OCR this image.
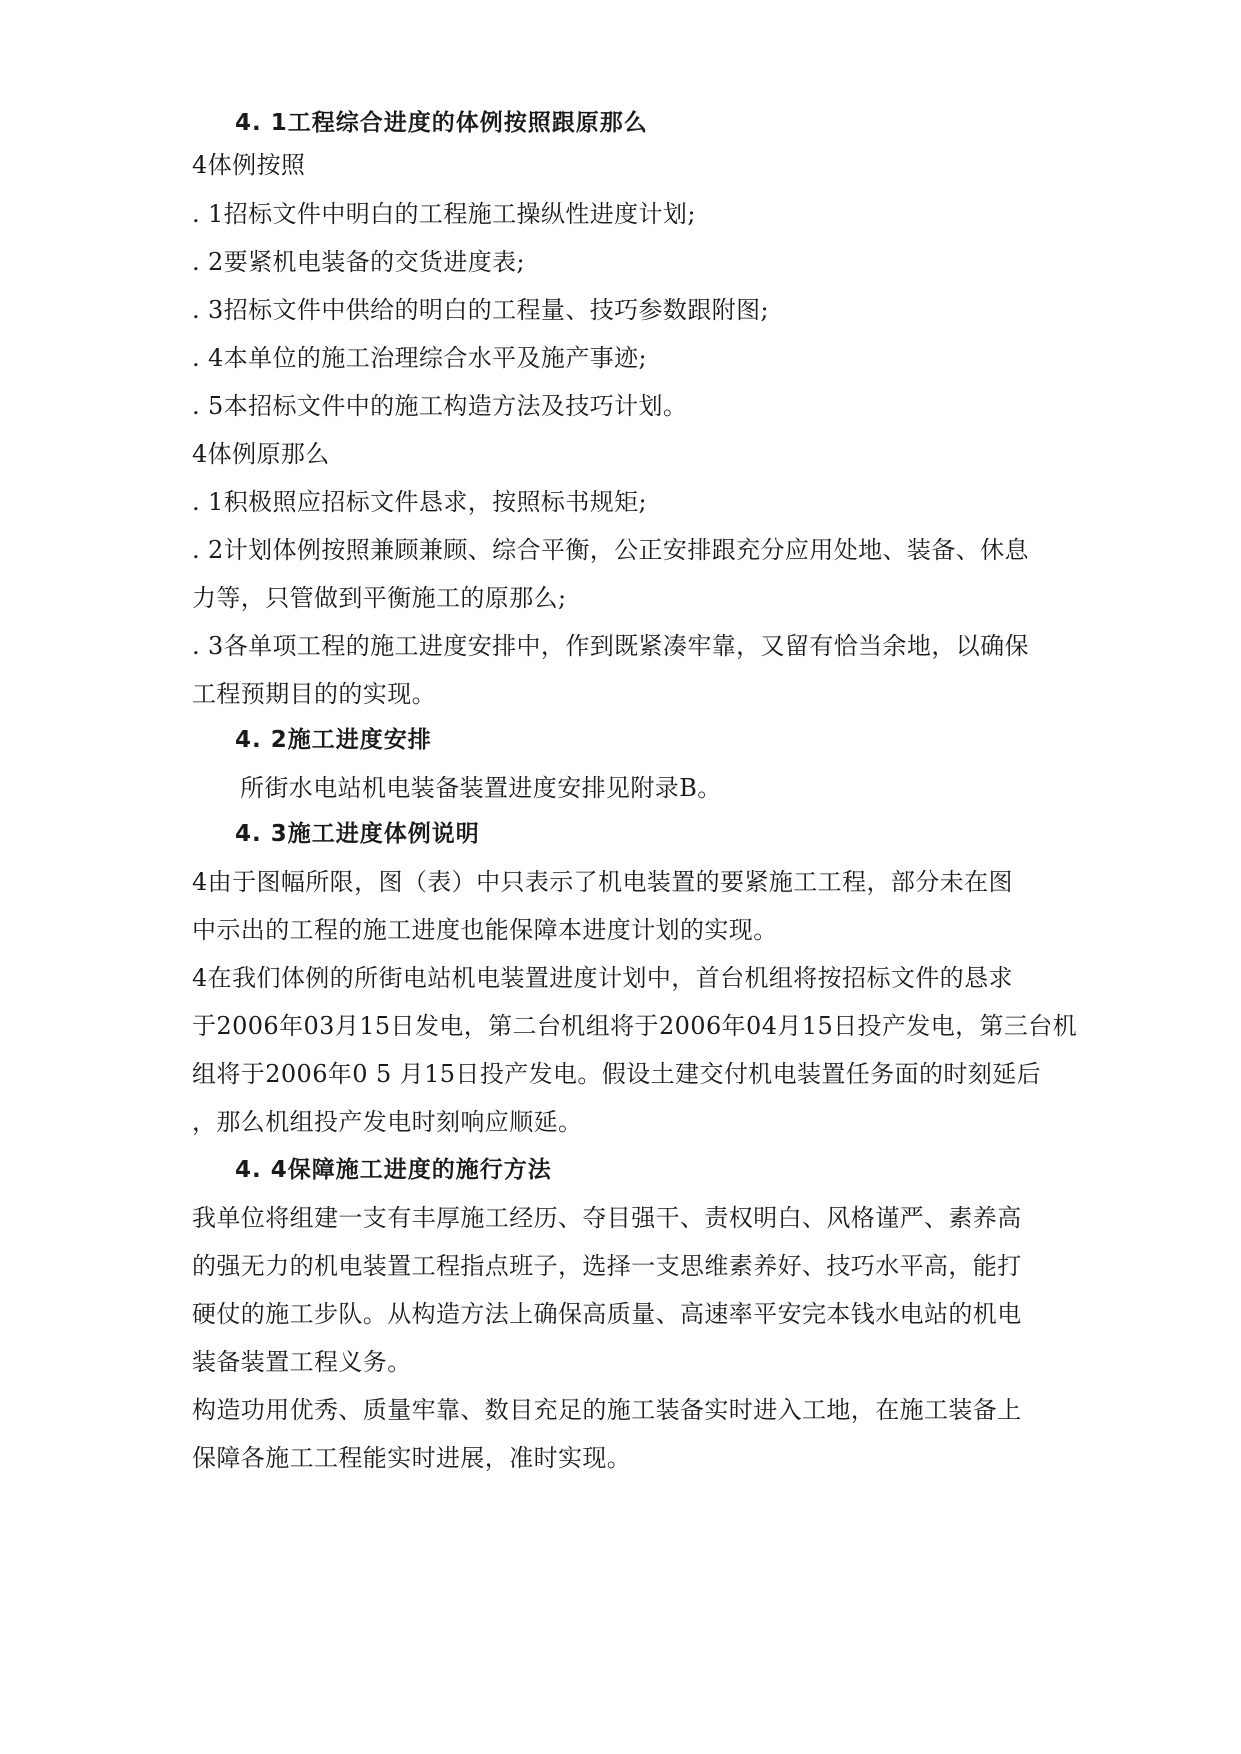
4. 1工程综合进度的体例按照跟原那么
4体例按照
. 1招标文件中明白的工程施工操纵性进度计划;
. 2要紧机电装备的交货进度表;
. 3招标文件中供给的明白的工程量、技巧参数跟附图;
. 4本单位的施工治理综合水平及施产事迹;
. 5本招标文件中的施工构造方法及技巧计划。
4体例原那么
. 1积极照应招标文件恳求，按照标书规矩;
. 2计划体例按照兼顾兼顾、综合平衡，公正安排跟充分应用处地、装备、休息
力等，只管做到平衡施工的原那么;
. 3各单项工程的施工进度安排中，作到既紧凑牢靠，又留有恰当余地，以确保
工程预期目的的实现。
4. 2施工进度安排
所街水电站机电装备装置进度安排见附录B。
4. 3施工进度体例说明
4由于图幅所限，图（表）中只表示了机电装置的要紧施工工程，部分未在图
中示出的工程的施工进度也能保障本进度计划的实现。
4在我们体例的所街电站机电装置进度计划中，首台机组将按招标文件的恳求
于2006年03月15日发电，第二台机组将于2006年04月15日投产发电，第三台机
组将于2006年0 5 月15日投产发电。假设土建交付机电装置任务面的时刻延后
，那么机组投产发电时刻响应顺延。
4. 4保障施工进度的施行方法
我单位将组建一支有丰厚施工经历、夺目强干、责权明白、风格谨严、素养高
的强无力的机电装置工程指点班子，选择一支思维素养好、技巧水平高，能打
硬仗的施工步队。从构造方法上确保高质量、高速率平安完本钱水电站的机电
装备装置工程义务。
构造功用优秀、质量牢靠、数目充足的施工装备实时进入工地，在施工装备上
保障各施工工程能实时进展，准时实现。
